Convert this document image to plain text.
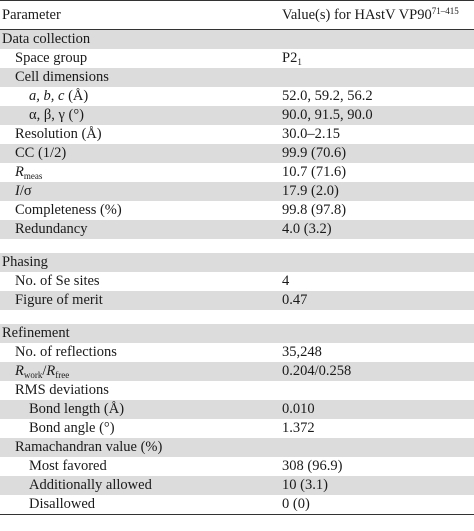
Parameter	Value(s) for HAstV VP90$^{71-415}$
Data collection
Space group	$P2_1$
Cell dimensions
a, b, c (Å)	52.0, 59.2, 56.2
α, β, γ (°)	90.0, 91.5, 90.0
Resolution (Å)	30.0–2.15
CC (1/2)	99.9 (70.6)
$R_{meas}$	10.7 (71.6)
I/σ	17.9 (2.0)
Completeness (%)	99.8 (97.8)
Redundancy	4.0 (3.2)
Phasing
No. of Se sites	4
Figure of merit	0.47
Refinement
No. of reflections	35,248
$R_{work}/R_{free}$	0.204/0.258
RMS deviations
Bond length (Å)	0.010
Bond angle (°)	1.372
Ramachandran value (%)
Most favored	308 (96.9)
Additionally allowed	10 (3.1)
Disallowed	0 (0)
